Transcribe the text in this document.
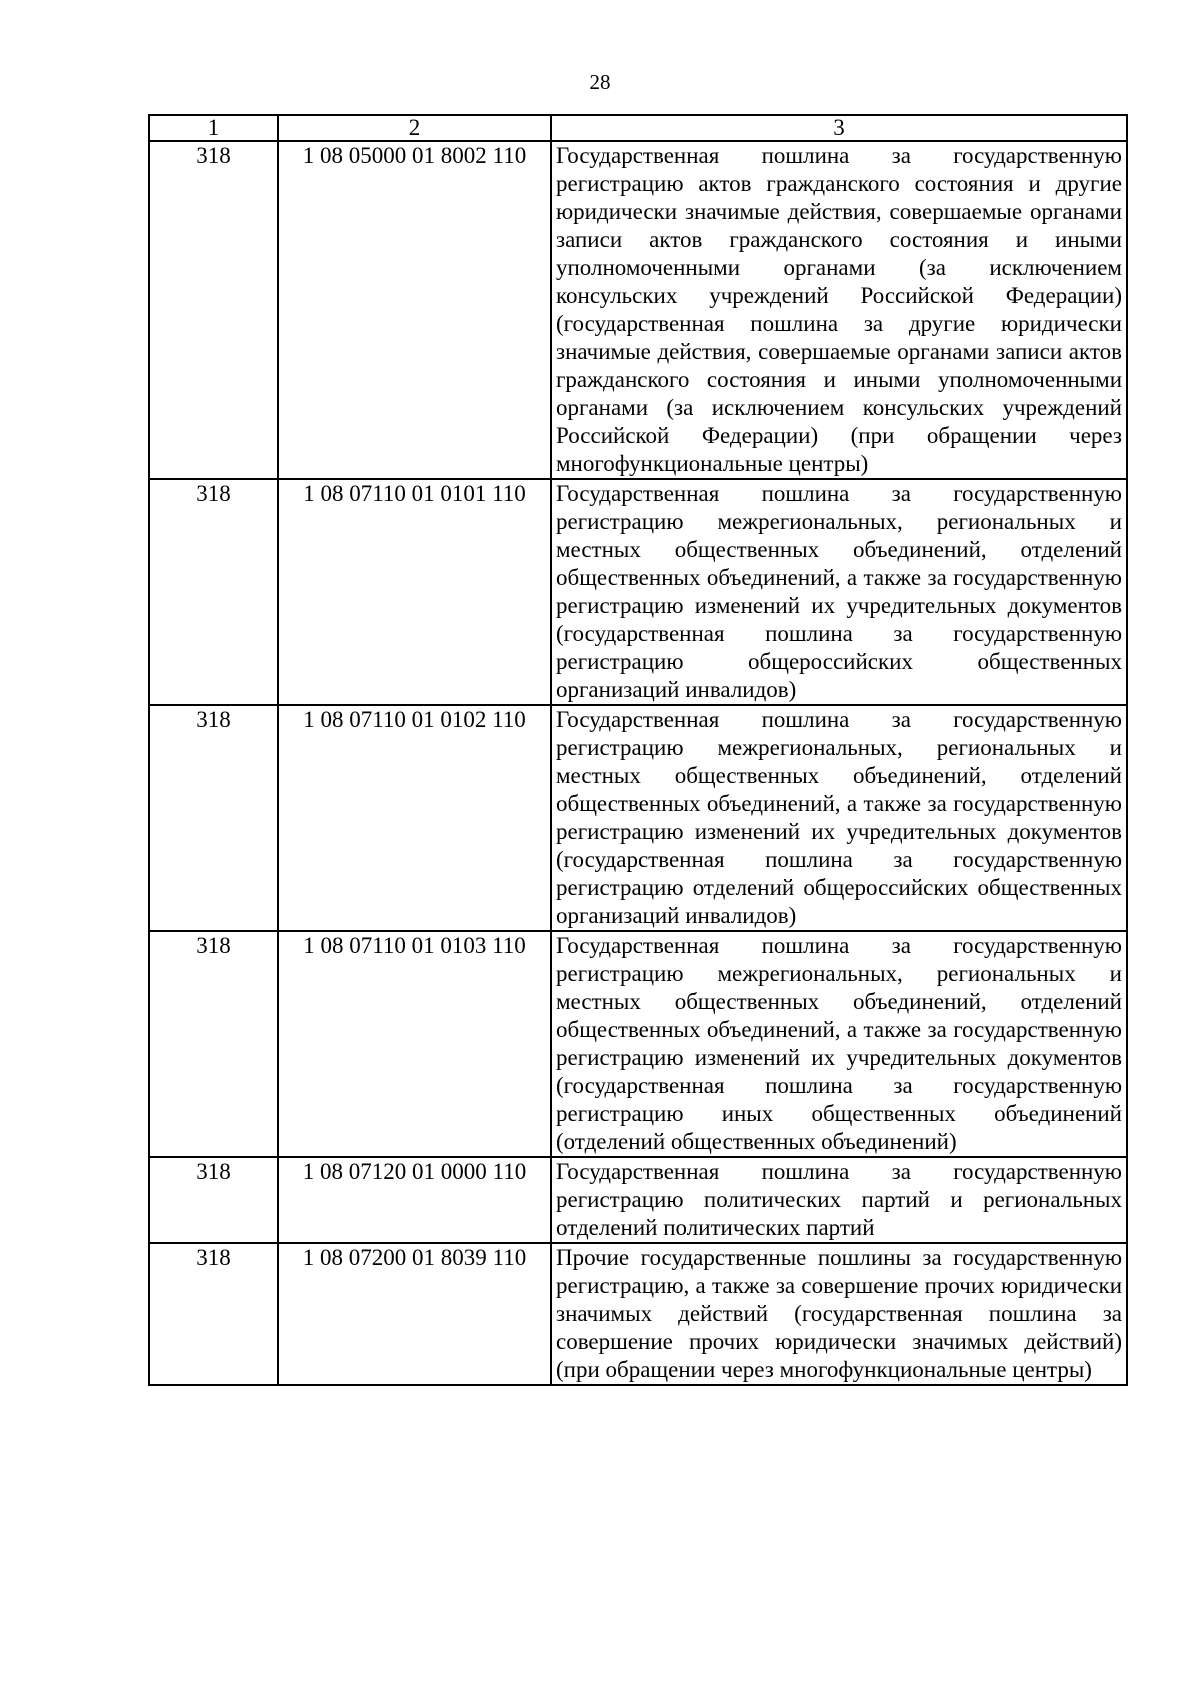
28
1	2	3
318	1 08 05000 01 8002 110	Государственная пошлина за государственную регистрацию актов гражданского состояния и другие юридически значимые действия, совершаемые органами записи актов гражданского состояния и иными уполномоченными органами (за исключением консульских учреждений Российской Федерации) (государственная пошлина за другие юридически значимые действия, совершаемые органами записи актов гражданского состояния и иными уполномоченными органами (за исключением консульских учреждений Российской Федерации) (при обращении через многофункциональные центры)
318	1 08 07110 01 0101 110	Государственная пошлина за государственную регистрацию межрегиональных, региональных и местных общественных объединений, отделений общественных объединений, а также за государственную регистрацию изменений их учредительных документов (государственная пошлина за государственную регистрацию общероссийских общественных организаций инвалидов)
318	1 08 07110 01 0102 110	Государственная пошлина за государственную регистрацию межрегиональных, региональных и местных общественных объединений, отделений общественных объединений, а также за государственную регистрацию изменений их учредительных документов (государственная пошлина за государственную регистрацию отделений общероссийских общественных организаций инвалидов)
318	1 08 07110 01 0103 110	Государственная пошлина за государственную регистрацию межрегиональных, региональных и местных общественных объединений, отделений общественных объединений, а также за государственную регистрацию изменений их учредительных документов (государственная пошлина за государственную регистрацию иных общественных объединений (отделений общественных объединений)
318	1 08 07120 01 0000 110	Государственная пошлина за государственную регистрацию политических партий и региональных отделений политических партий
318	1 08 07200 01 8039 110	Прочие государственные пошлины за государственную регистрацию, а также за совершение прочих юридически значимых действий (государственная пошлина за совершение прочих юридически значимых действий) (при обращении через многофункциональные центры)
